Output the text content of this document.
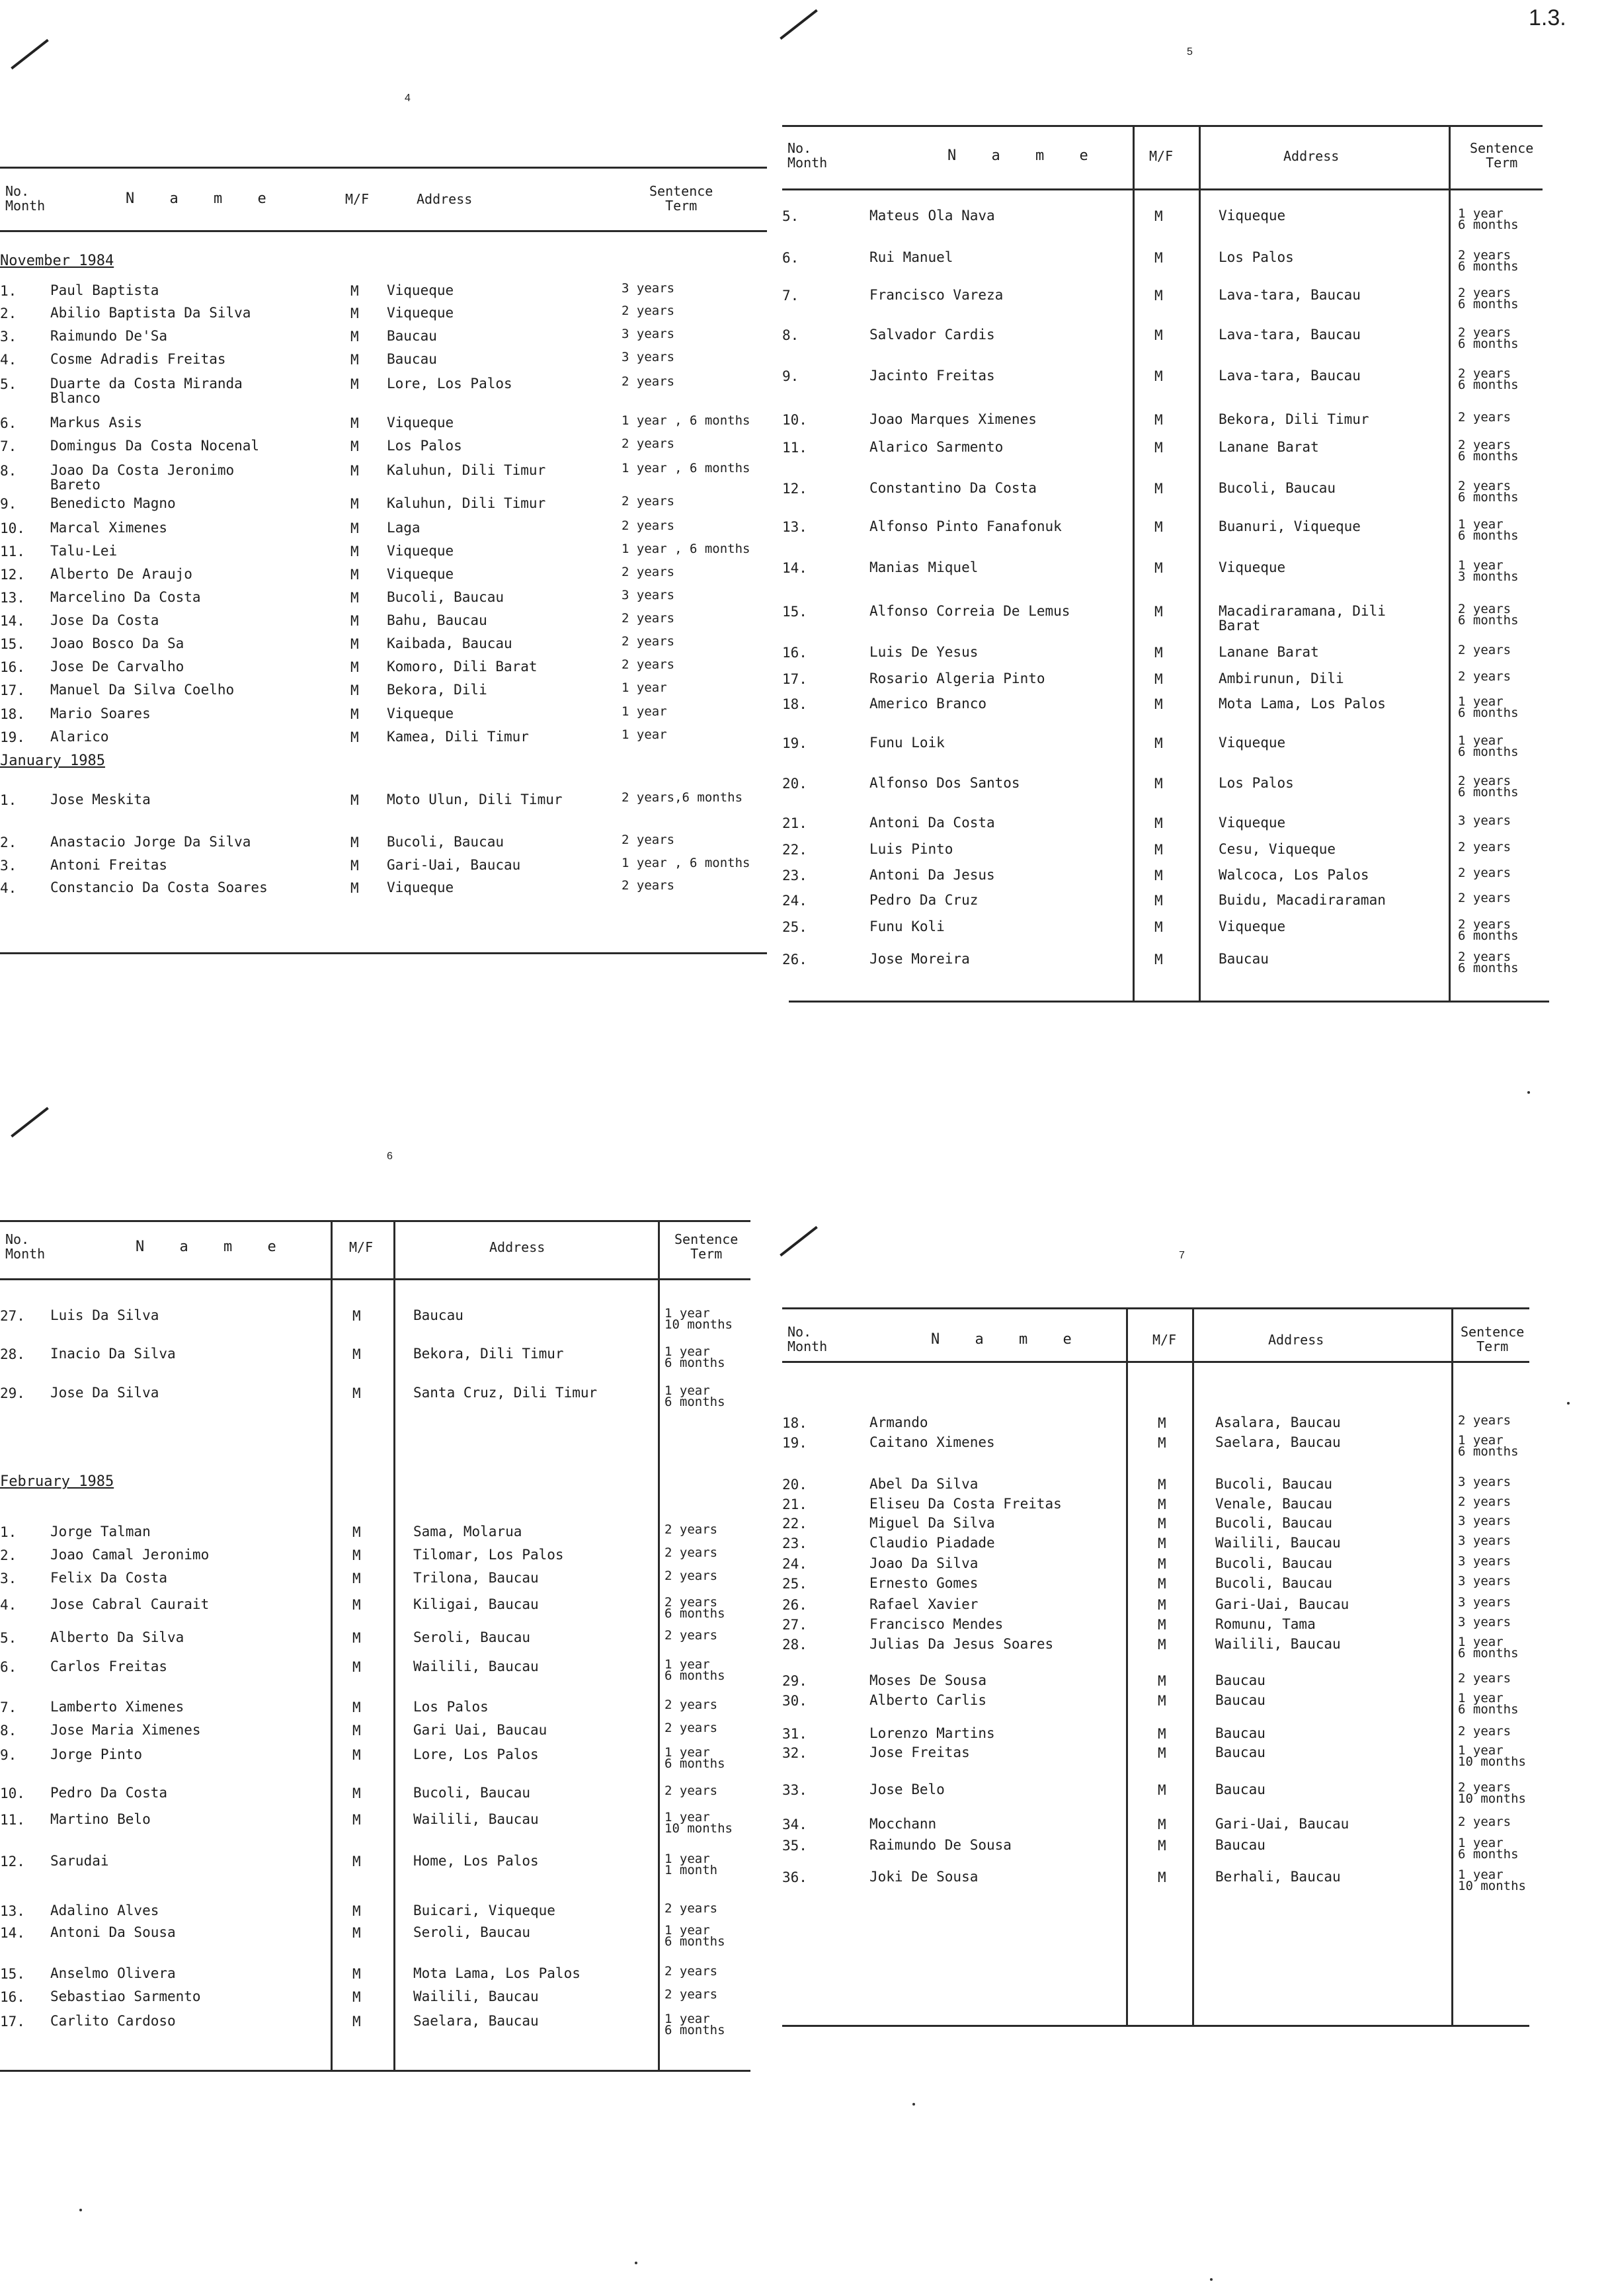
1.3.
4
No.
Month	N a m e	M/F	Address	Sentence
Term
November 1984
1. Paul Baptista	M Viqueque	3 years
2. Abilio Baptista Da Silva	M Viqueque	2 years
3. Raimundo De'Sa	M Baucau	3 years
4. Cosme Adradis Freitas	M Baucau	3 years
5. Duarte da Costa Miranda
Blanco
M Lore, Los Palos	2 years
6. Markus Asis	M Viqueque	1 year , 6 months
7. Domingus Da Costa Nocenal	M Los Palos	2 years
8. Joao Da Costa Jeronimo
Bareto
M Kaluhun, Dili Timur	1 year , 6 months
9. Benedicto Magno	M Kaluhun, Dili Timur	2 years
10. Marcal Ximenes	M Laga	2 years
11. Talu-Lei	M Viqueque	1 year , 6 months
12. Alberto De Araujo	M Viqueque	2 years
13. Marcelino Da Costa	M Bucoli, Baucau	3 years
14. Jose Da Costa	M Bahu, Baucau	2 years
15. Joao Bosco Da Sa	M Kaibada, Baucau	2 years
16. Jose De Carvalho	M Komoro, Dili Barat	2 years
17. Manuel Da Silva Coelho	M Bekora, Dili	1 year
18. Mario Soares	M Viqueque	1 year
19. Alarico	M Kamea, Dili Timur	1 year
January 1985
1. Jose Meskita	M Moto Ulun, Dili Timur	2 years,6 months
2. Anastacio Jorge Da Silva	M Bucoli, Baucau	2 years
3. Antoni Freitas	M Gari-Uai, Baucau	1 year , 6 months
4. Constancio Da Costa Soares	M Viqueque	2 years
5
No.
Month	N a m e	M/F	Address	Sentence
Term
5.	Mateus Ola Nava	M	Viqueque	1 year
6 months
6.	Rui Manuel	M	Los Palos	2 years
6 months
7.	Francisco Vareza	M	Lava-tara, Baucau	2 years
6 months
8.	Salvador Cardis	M	Lava-tara, Baucau	2 years
6 months
9.	Jacinto Freitas	M	Lava-tara, Baucau	2 years
6 months
10.	Joao Marques Ximenes	M	Bekora, Dili Timur	2 years
11.	Alarico Sarmento	M	Lanane Barat	2 years
6 months
12.	Constantino Da Costa	M	Bucoli, Baucau	2 years
6 months
13.	Alfonso Pinto Fanafonuk	M	Buanuri, Viqueque	1 year
6 months
14.	Manias Miquel	M	Viqueque	1 year
3 months
15.	Alfonso Correia De Lemus	M	Macadiraramana, Dili
Barat
2 years
6 months
16.	Luis De Yesus	M	Lanane Barat	2 years
17.	Rosario Algeria Pinto	M	Ambirunun, Dili	2 years
18.	Americo Branco	M	Mota Lama, Los Palos	1 year
6 months
19.	Funu Loik	M	Viqueque	1 year
6 months
20.	Alfonso Dos Santos	M	Los Palos	2 years
6 months
21.	Antoni Da Costa	M	Viqueque	3 years
22.	Luis Pinto	M	Cesu, Viqueque	2 years
23.	Antoni Da Jesus	M	Walcoca, Los Palos	2 years
24.	Pedro Da Cruz	M	Buidu, Macadiraraman	2 years
25.	Funu Koli	M	Viqueque	2 years
6 months
26.	Jose Moreira	M	Baucau	2 years
6 months
6
No.
Month	N a m e	M/F	Address	Sentence
Term
27. Luis Da Silva	M	Baucau	1 year
10 months
28. Inacio Da Silva	M	Bekora, Dili Timur	1 year
6 months
29. Jose Da Silva	M	Santa Cruz, Dili Timur	1 year
6 months
February 1985
1. Jorge Talman	M	Sama, Molarua	2 years
2. Joao Camal Jeronimo	M	Tilomar, Los Palos	2 years
3. Felix Da Costa	M	Trilona, Baucau	2 years
4. Jose Cabral Caurait	M	Kiligai, Baucau	2 years
6 months
5. Alberto Da Silva	M	Seroli, Baucau	2 years
6. Carlos Freitas	M	Wailili, Baucau	1 year
6 months
7. Lamberto Ximenes	M	Los Palos	2 years
8. Jose Maria Ximenes	M	Gari Uai, Baucau	2 years
9. Jorge Pinto	M	Lore, Los Palos	1 year
6 months
10. Pedro Da Costa	M	Bucoli, Baucau	2 years
11. Martino Belo	M	Wailili, Baucau	1 year
10 months
12. Sarudai	M	Home, Los Palos	1 year
1 month
13. Adalino Alves	M	Buicari, Viqueque	2 years
14. Antoni Da Sousa	M	Seroli, Baucau	1 year
6 months
15. Anselmo Olivera	M	Mota Lama, Los Palos	2 years
16. Sebastiao Sarmento	M	Wailili, Baucau	2 years
17. Carlito Cardoso	M	Saelara, Baucau	1 year
6 months
7
No.
Month	N a m e	M/F	Address	Sentence
Term
18.	Armando	M	Asalara, Baucau	2 years
19.	Caitano Ximenes	M	Saelara, Baucau	1 year
6 months
20.	Abel Da Silva	M	Bucoli, Baucau	3 years
21.	Eliseu Da Costa Freitas	M	Venale, Baucau	2 years
22.	Miguel Da Silva	M	Bucoli, Baucau	3 years
23.	Claudio Piadade	M	Wailili, Baucau	3 years
24.	Joao Da Silva	M	Bucoli, Baucau	3 years
25.	Ernesto Gomes	M	Bucoli, Baucau	3 years
26.	Rafael Xavier	M	Gari-Uai, Baucau	3 years
27.	Francisco Mendes	M	Romunu, Tama	3 years
28.	Julias Da Jesus Soares	M	Wailili, Baucau	1 year
6 months
29.	Moses De Sousa	M	Baucau	2 years
30.	Alberto Carlis	M	Baucau	1 year
6 months
31.	Lorenzo Martins	M	Baucau	2 years
32.	Jose Freitas	M	Baucau	1 year
10 months
33.	Jose Belo	M	Baucau	2 years
10 months
34.	Mocchann	M	Gari-Uai, Baucau	2 years
35.	Raimundo De Sousa	M	Baucau	1 year
6 months
36.	Joki De Sousa	M	Berhali, Baucau	1 year
10 months
